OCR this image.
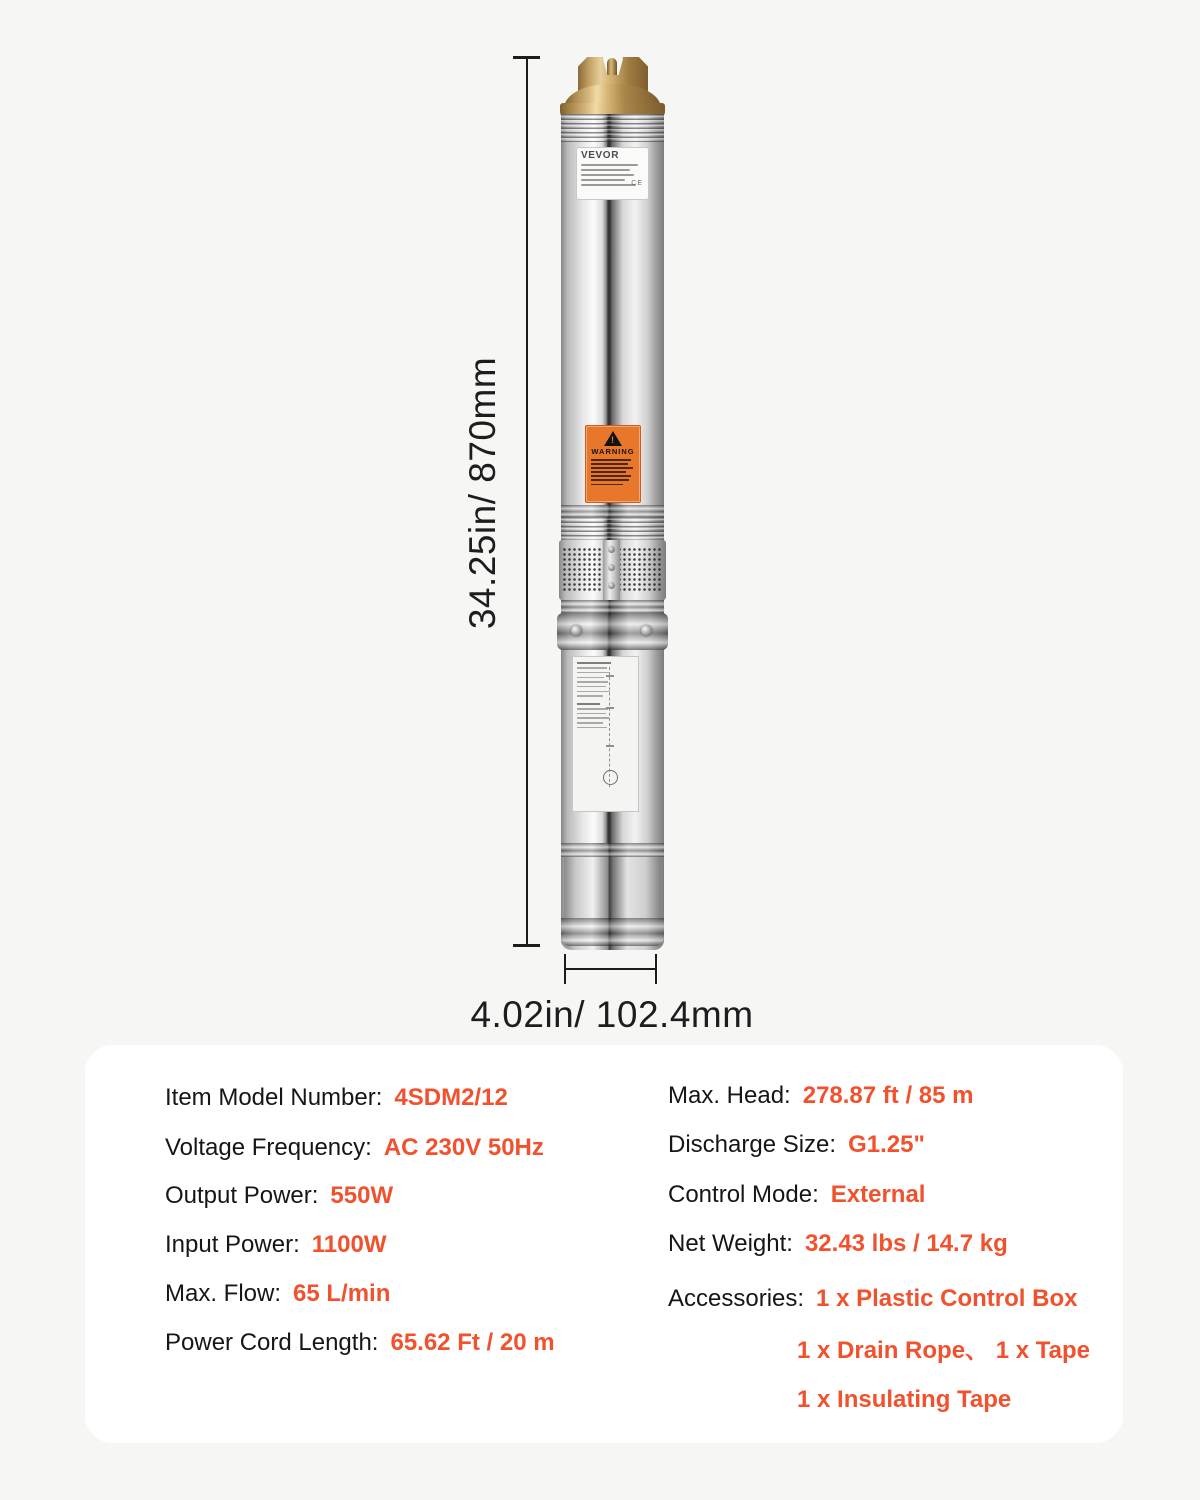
VEVOR
CE
!
WARNING
34.25in/ 870mm
4.02in/ 102.4mm
Item Model Number: 4SDM2/12
Voltage Frequency: AC 230V 50Hz
Output Power: 550W
Input Power: 1100W
Max. Flow: 65 L/min
Power Cord Length: 65.62 Ft / 20 m
Max. Head: 278.87 ft / 85 m
Discharge Size: G1.25"
Control Mode: External
Net Weight: 32.43 lbs / 14.7 kg
Accessories: 1 x Plastic Control Box
1 x Drain Rope、 1 x Tape
1 x Insulating Tape
